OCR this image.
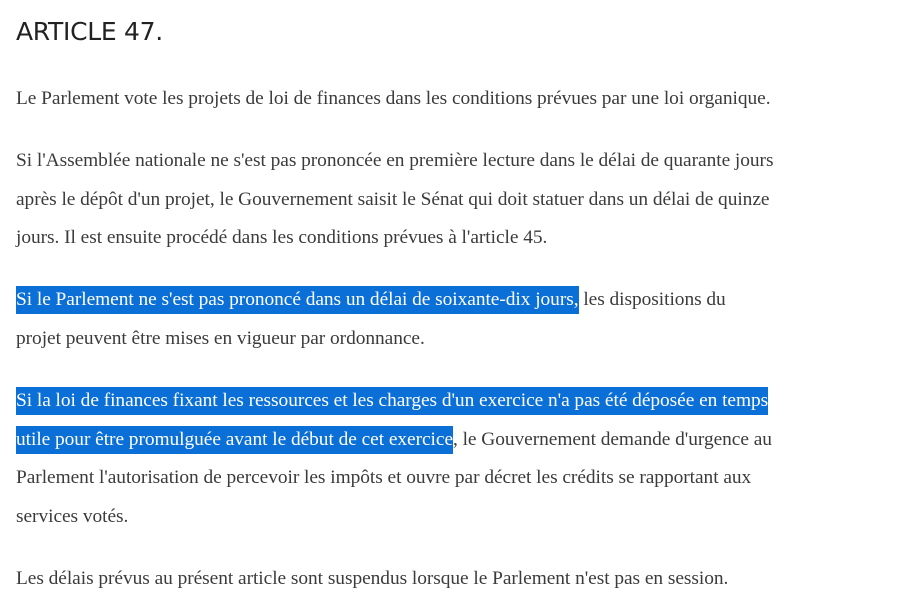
ARTICLE 47.

Le Parlement vote les projets de loi de finances dans les conditions prévues par une loi organique.

Si l'Assemblée nationale ne s'est pas prononcée en première lecture dans le délai de quarante jours
après le dépôt d'un projet, le Gouvernement saisit le Sénat qui doit statuer dans un délai de quinze
jours. Il est ensuite procédé dans les conditions prévues à l'article 45.

Si le Parlement ne s'est pas prononcé dans un délai de soixante-dix jours, les dispositions du
projet peuvent être mises en vigueur par ordonnance.

Si la loi de finances fixant les ressources et les charges d'un exercice n'a pas été déposée en temps
utile pour être promulguée avant le début de cet exercice, le Gouvernement demande d'urgence au
Parlement l'autorisation de percevoir les impôts et ouvre par décret les crédits se rapportant aux
services votés.

Les délais prévus au présent article sont suspendus lorsque le Parlement n'est pas en session.
